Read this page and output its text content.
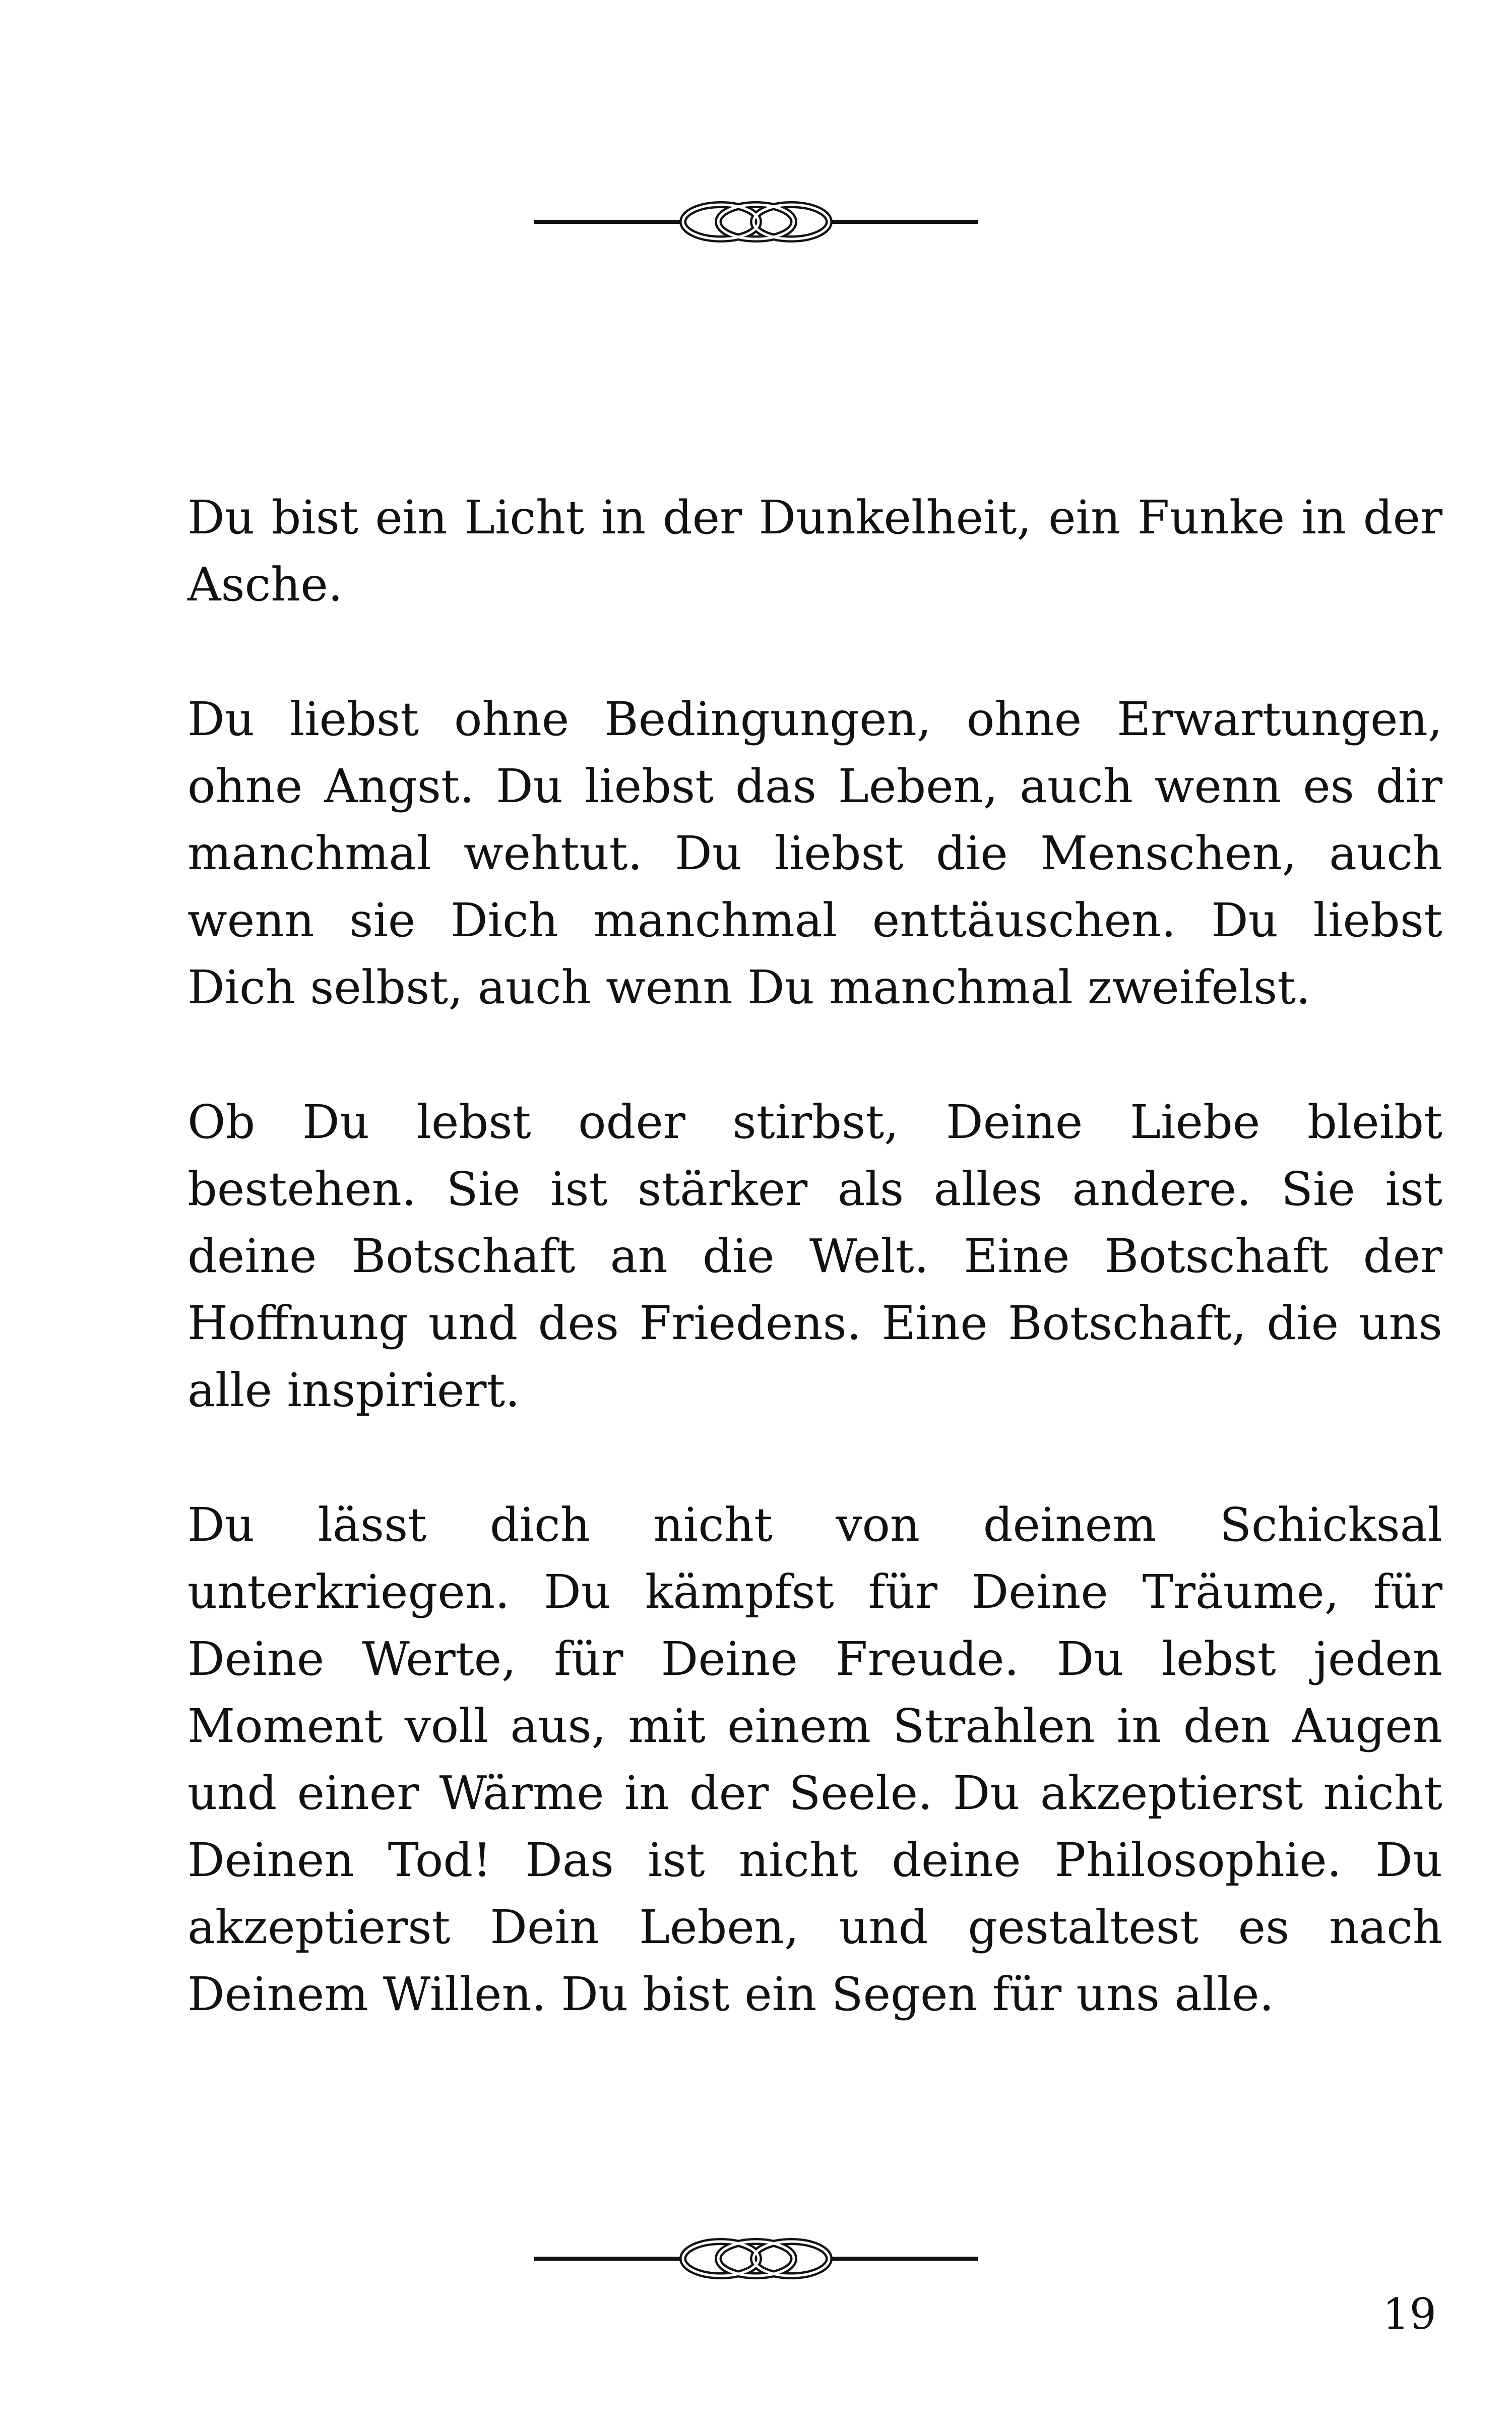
Du bist ein Licht in der Dunkelheit, ein Funke in der Asche.

Du liebst ohne Bedingungen, ohne Erwartungen, ohne Angst. Du liebst das Leben, auch wenn es dir manchmal wehtut. Du liebst die Menschen, auch wenn sie Dich manchmal enttäuschen. Du liebst Dich selbst, auch wenn Du manchmal zweifelst.

Ob Du lebst oder stirbst, Deine Liebe bleibt bestehen. Sie ist stärker als alles andere. Sie ist deine Botschaft an die Welt. Eine Botschaft der Hoffnung und des Friedens. Eine Botschaft, die uns alle inspiriert.

Du lässt dich nicht von deinem Schicksal unterkriegen. Du kämpfst für Deine Träume, für Deine Werte, für Deine Freude. Du lebst jeden Moment voll aus, mit einem Strahlen in den Augen und einer Wärme in der Seele. Du akzeptierst nicht Deinen Tod! Das ist nicht deine Philosophie. Du akzeptierst Dein Leben, und gestaltest es nach Deinem Willen. Du bist ein Segen für uns alle.

19
